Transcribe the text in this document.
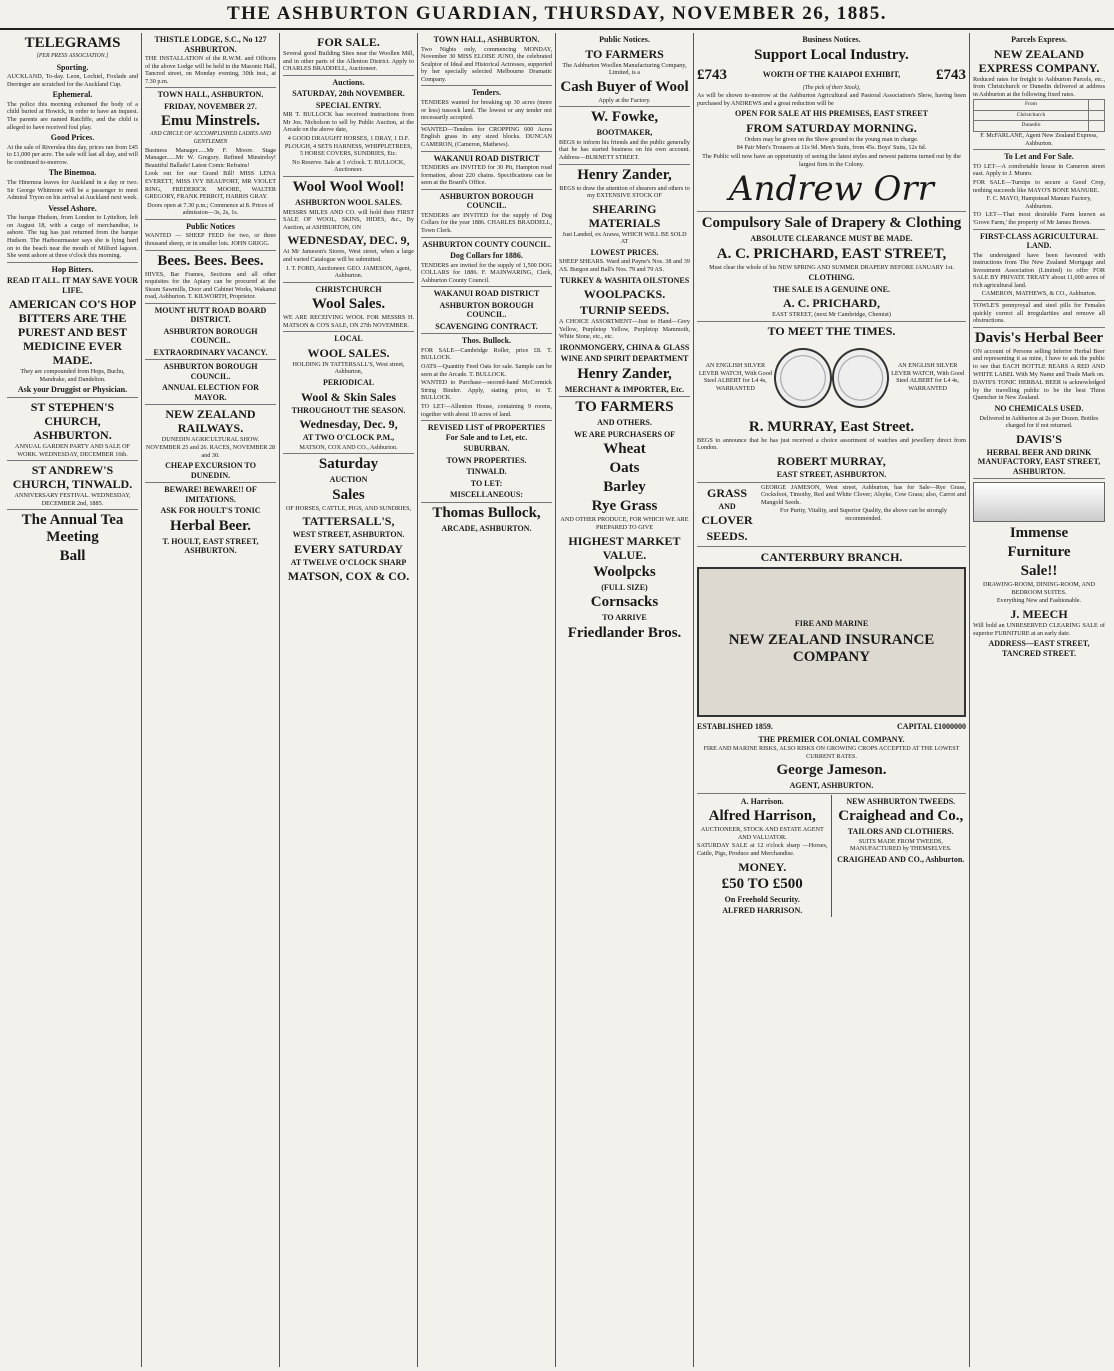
THE ASHBURTON GUARDIAN, THURSDAY, NOVEMBER 26, 1885.
TELEGRAMS
[PER PRESS ASSOCIATION.]
Sporting.
AUCKLAND, To-day. Leon, Lochiel, Foxlade and Derringer are scratched for the Auckland Cup.
Ephemeral.
The police this morning exhumed the body of a child buried at Howick, in order to have an inquest. The parents are named Ratcliffe, and the child is alleged to have received foul play.
Good Prices.
At the sale of Riverslea this day, prices ran from £45 to £1,000 per acre. The sale will last all day, and will be continued to-morrow.
The Binemoa.
The Hinemoa leaves for Auckland in a day or two. Sir George Whitmore will be a passenger to meet Admiral Tryon on his arrival at Auckland next week.
Vessel Ashore.
The barque Hudson, from London to Lyttelton, left on August 18, with a cargo of merchandise, is ashore. The tug has just returned from the barque Hudson. The Harbourmaster says she is lying hard on to the beach near the mouth of Milford lagoon. She went ashore at three o'clock this morning.
Hop Bitters.
READ IT ALL. IT MAY SAVE YOUR LIFE.
AMERICAN CO'S HOP BITTERS ARE THE PUREST AND BEST MEDICINE EVER MADE.
They are compounded from Hops, Buchu, Mandrake, and Dandelion.
Ask your Druggist or Physician.
ST STEPHEN'S CHURCH, ASHBURTON.
ANNUAL GARDEN PARTY AND SALE OF WORK. WEDNESDAY, DECEMBER 16th.
ST ANDREW'S CHURCH, TINWALD.
ANNIVERSARY FESTIVAL. WEDNESDAY, DECEMBER 2nd, 1885.
The Annual Tea Meeting
Ball
THISTLE LODGE, S.C., No 127 ASHBURTON.
THE INSTALLATION of the R.W.M. and Officers of the above Lodge will be held in the Masonic Hall, Tancred street, on Monday evening, 30th inst., at 7.30 p.m.
TOWN HALL, ASHBURTON.
FRIDAY, NOVEMBER 27.
Emu Minstrels.
AND CIRCLE OF ACCOMPLISHED LADIES AND GENTLEMEN
Business Manager......Mr F. Moore. Stage Manager......Mr W. Gregory. Refined Minstrelsy! Beautiful Ballads! Latest Comic Refrains!
Look out for our Grand Bill! MISS LENA EVERETT, MISS IVY BEAUFORT, MR VIOLET RING, FREDERICK MOORE, WALTER GREGORY, FRANK PERROT, HARRIS GRAY.
Doors open at 7.30 p.m.; Commence at 8. Prices of admission—3s, 2s, 1s.
Public Notices
WANTED — SHEEP FEED for two, or three thousand sheep, or in smaller lots. JOHN GRIGG.
Bees. Bees. Bees.
HIVES, Bar Frames, Sections and all other requisites for the Apiary can be procured at the Steam Sawmills, Door and Cabinet Works, Wakanui road, Ashburton. T. KILWORTH, Proprietor.
MOUNT HUTT ROAD BOARD DISTRICT.
ASHBURTON BOROUGH COUNCIL.
EXTRAORDINARY VACANCY.
ASHBURTON BOROUGH COUNCIL.
ANNUAL ELECTION FOR MAYOR.
NEW ZEALAND RAILWAYS.
DUNEDIN AGRICULTURAL SHOW. NOVEMBER 25 and 26. RACES, NOVEMBER 28 and 30.
CHEAP EXCURSION TO DUNEDIN.
BEWARE! BEWARE!! OF IMITATIONS.
ASK FOR HOULT'S TONIC
Herbal Beer.
T. HOULT, EAST STREET, ASHBURTON.
FOR SALE.
Several good Building Sites near the Woollen Mill, and in other parts of the Allenton District. Apply to CHARLES BRADDELL, Auctioneer.
Auctions.
SATURDAY, 28th NOVEMBER.
SPECIAL ENTRY.
MR T. BULLOCK has received instructions from Mr Jos. Nicholson to sell by Public Auction, at the Arcade on the above date,
4 GOOD DRAUGHT HORSES, 1 DRAY, 1 D.F. PLOUGH, 4 SETS HARNESS, WHIPPLETREES, 5 HORSE COVERS, SUNDRIES, Etc.
No Reserve. Sale at 1 o'clock. T. BULLOCK, Auctioneer.
Wool Wool Wool!
ASHBURTON WOOL SALES.
MESSRS MILES AND CO. will hold their FIRST SALE OF WOOL, SKINS, HIDES, &c., By Auction, at ASHBURTON, ON
WEDNESDAY, DEC. 9,
At Mr Jameson's Stores, West street, when a large and varied Catalogue will be submitted.
J. T. FORD, Auctioneer. GEO. JAMESON, Agent, Ashburton.
CHRISTCHURCH
Wool Sales.
WE ARE RECEIVING WOOL FOR MESSRS H. MATSON & CO'S SALE, ON 27th NOVEMBER.
LOCAL
WOOL SALES.
HOLDING IN TATTERSALL'S, West street, Ashburton,
PERIODICAL
Wool & Skin Sales
THROUGHOUT THE SEASON.
Wednesday, Dec. 9,
AT TWO O'CLOCK P.M.,
MATSON, COX AND CO., Ashburton.
Saturday
AUCTION
Sales
OF HORSES, CATTLE, PIGS, AND SUNDRIES,
TATTERSALL'S,
WEST STREET, ASHBURTON.
EVERY SATURDAY
AT TWELVE O'CLOCK SHARP
MATSON, COX & CO.
TOWN HALL, ASHBURTON.
Two Nights only, commencing MONDAY, November 30 MISS ELOISE JUNO, the celebrated Sculptor of Ideal and Historical Actresses, supported by her specially selected Melbourne Dramatic Company.
Tenders.
TENDERS wanted for breaking up 30 acres (more or less) tussock land. The lowest or any tender not necessarily accepted.
WANTED—Tenders for CROPPING 600 Acres English grass in any sized blocks. DUNCAN CAMERON, (Cameron, Mathews).
WAKANUI ROAD DISTRICT
TENDERS are INVITED for 30 Pit, Hampton road formation, about 220 chains. Specifications can be seen at the Board's Office.
ASHBURTON BOROUGH COUNCIL.
TENDERS are INVITED for the supply of Dog Collars for the year 1886. CHARLES BRADDELL, Town Clerk.
ASHBURTON COUNTY COUNCIL.
Dog Collars for 1886.
TENDERS are invited for the supply of 1,500 DOG COLLARS for 1886. F. MAINWARING, Clerk, Ashburton County Council.
WAKANUI ROAD DISTRICT
ASHBURTON BOROUGH COUNCIL.
SCAVENGING CONTRACT.
Thos. Bullock.
FOR SALE—Cambridge Roller, price £8. T. BULLOCK.
OATS—Quantity Feed Oats for sale. Sample can be seen at the Arcade. T. BULLOCK.
WANTED to Purchase—second-hand McCormick String Binder. Apply, stating price, to T. BULLOCK.
TO LET—Allenton House, containing 9 rooms, together with about 10 acres of land.
REVISED LIST of PROPERTIES For Sale and to Let, etc.
SUBURBAN.
TOWN PROPERTIES.
TINWALD.
TO LET:
MISCELLANEOUS:
Thomas Bullock,
ARCADE, ASHBURTON.
Public Notices.
TO FARMERS
The Ashburton Woollen Manufacturing Company, Limited, is a
Cash Buyer of Wool
Apply at the Factory.
W. Fowke,
BOOTMAKER,
BEGS to inform his friends and the public generally that he has started business on his own account. Address—BURNETT STREET.
Henry Zander,
BEGS to draw the attention of shearers and others to my EXTENSIVE STOCK OF
SHEARING MATERIALS
Just Landed, ex Arawa, WHICH WILL BE SOLD AT
LOWEST PRICES.
SHEEP SHEARS. Ward and Payne's Nos. 38 and 39 AS. Burgon and Ball's Nos. 79 and 79 AS.
TURKEY & WASHITA OILSTONES
WOOLPACKS.
TURNIP SEEDS.
A CHOICE ASSORTMENT—Just to Hand—Grey Yellow, Purpletop Yellow, Purpletop Mammoth, White Stone, etc., etc.
IRONMONGERY, CHINA & GLASS
WINE AND SPIRIT DEPARTMENT
Henry Zander,
MERCHANT & IMPORTER, Etc.
TO FARMERS
AND OTHERS.
WE ARE PURCHASERS OF
Wheat
Oats
Barley
Rye Grass
AND OTHER PRODUCE, FOR WHICH WE ARE PREPARED TO GIVE
HIGHEST MARKET VALUE.
Woolpcks
(FULL SIZE)
Cornsacks
TO ARRIVE
Friedlander Bros.
Business Notices.
Support Local Industry.
£743	WORTH OF THE KAIAPOI EXHIBIT, £743
(The pick of their Stock),
As will be shown to-morrow at the Ashburton Agricultural and Pastoral Association's Show, having been purchased by ANDREWS and a great reduction will be
OPEN FOR SALE AT HIS PREMISES, EAST STREET
FROM SATURDAY MORNING.
Orders may be given on the Show ground to the young man in charge.
84 Pair Men's Trousers at 11s 9d. Men's Suits, from 45s. Boys' Suits, 12s 6d.
The Public will now have an opportunity of seeing the latest styles and newest patterns turned out by the largest firm in the Colony.
Andrew Orr
Compulsory Sale of Drapery & Clothing
ABSOLUTE CLEARANCE MUST BE MADE.
A. C. PRICHARD, EAST STREET,
Must clear the whole of his NEW SPRING AND SUMMER DRAPERY BEFORE JANUARY 1st.
CLOTHING.
THE SALE IS A GENUINE ONE.
A. C. PRICHARD,
EAST STREET, (next Mr Cambridge, Chemist)
TO MEET THE TIMES.
AN ENGLISH SILVER LEVER WATCH, With Good Steel ALBERT for L4 4s, WARRANTED
AN ENGLISH SILVER LEVER WATCH, With Good Steel ALBERT for L4 4s, WARRANTED
R. MURRAY, East Street.
BEGS to announce that he has just received a choice assortment of watches and jewellery direct from London.
ROBERT MURRAY,
EAST STREET, ASHBURTON.
GRASS
AND
CLOVER
SEEDS.
GEORGE JAMESON, West street, Ashburton, has for Sale—Rye Grass, Cocksfoot, Timothy, Red and White Clover; Alsyke, Cow Grass; also, Carrot and Mangold Seeds.
For Purity, Vitality, and Superior Quality, the above can be strongly recommended.
CANTERBURY BRANCH.
FIRE AND MARINE
NEW ZEALAND INSURANCE COMPANY
ESTABLISHED 1859.	CAPITAL £1000000
THE PREMIER COLONIAL COMPANY.
FIRE AND MARINE RISKS, ALSO RISKS ON GROWING CROPS ACCEPTED AT THE LOWEST CURRENT RATES.
George Jameson.
AGENT, ASHBURTON.
A. Harrison.
Alfred Harrison,
AUCTIONEER, STOCK AND ESTATE AGENT AND VALUATOR.
SATURDAY SALE at 12 o'clock sharp —Horses, Cattle, Pigs, Produce and Merchandise.
MONEY.
£50 TO £500
On Freehold Security.
ALFRED HARRISON.
NEW ASHBURTON TWEEDS.
Craighead and Co.,
TAILORS AND CLOTHIERS.
SUITS MADE FROM TWEEDS, MANUFACTURED by THEMSELVES.
CRAIGHEAD AND CO., Ashburton.
Parcels Express.
NEW ZEALAND EXPRESS COMPANY.
Reduced rates for freight to Ashburton Parcels, etc., from Christchurch or Dunedin delivered at address in Ashburton at the following fixed rates.
From	
Christchurch	
Dunedin	
F. McFARLANE, Agent New Zealand Express, Ashburton.
To Let and For Sale.
TO LET—A comfortable house in Cameron street east. Apply to J. Munro.
FOR SALE—Turnips to secure a Good Crop, nothing succeeds like MAYO'S BONE MANURE.
F. C. MAYO, Hampstead Manure Factory, Ashburton.
TO LET—That most desirable Farm known as 'Grove Farm,' the property of Mr James Brown.
FIRST-CLASS AGRICULTURAL LAND.
The undersigned have been favoured with instructions from The New Zealand Mortgage and Investment Association (Limited) to offer FOR SALE BY PRIVATE TREATY about 11,000 acres of rich agricultural land.
CAMERON, MATHEWS, & CO., Ashburton.
TOWLE'S pennyroyal and steel pills for Females quickly correct all irregularities and remove all obstructions.
Davis's Herbal Beer
ON account of Persons selling Inferior Herbal Beer and representing it as mine, I have to ask the public to see that EACH BOTTLE BEARS A RED AND WHITE LABEL With My Name and Trade Mark on.
DAVIS'S TONIC HERBAL BEER is acknowledged by the travelling public to be the best Thirst Quencher in New Zealand.
NO CHEMICALS USED.
Delivered in Ashburton at 2s per Dozen. Bottles charged for if not returned.
DAVIS'S
HERBAL BEER AND DRINK MANUFACTORY, EAST STREET, ASHBURTON.
Immense
Furniture
Sale!!
DRAWING-ROOM, DINING-ROOM, AND BEDROOM SUITES.
Everything New and Fashionable.
J. MEECH
Will hold an UNRESERVED CLEARING SALE of superior FURNITURE at an early date.
ADDRESS—EAST STREET, TANCRED STREET.
